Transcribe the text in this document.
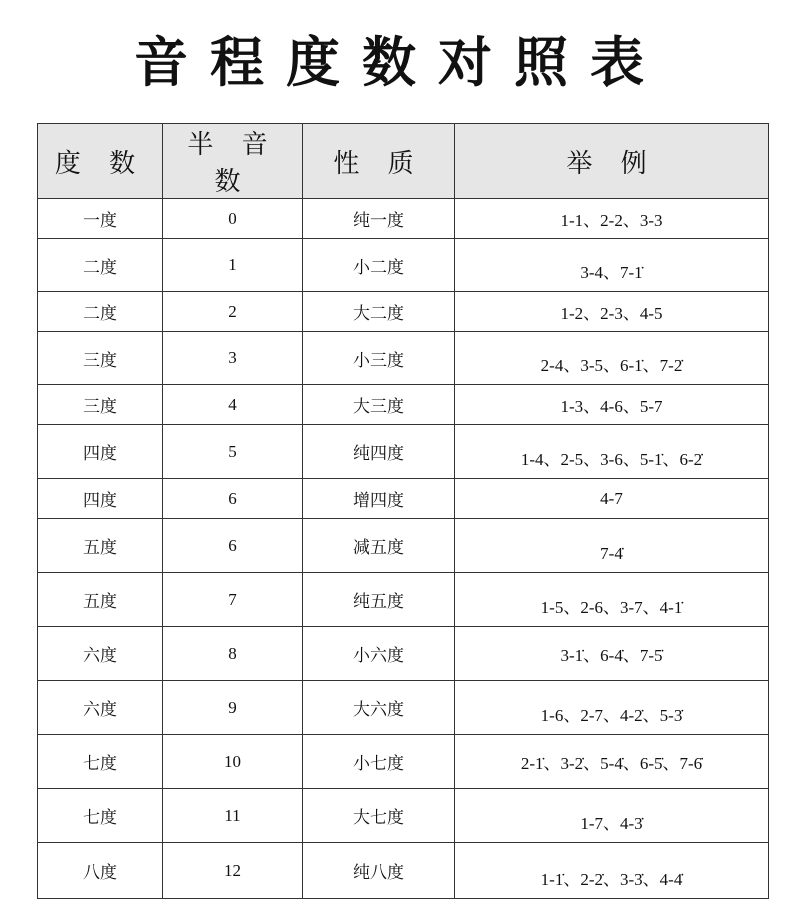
音程度数对照表
度 数	半 音 数	性 质	举 例
一度	0	纯一度	1-1、2-2、3-3
二度	1	小二度	3-4、7-1̇
二度	2	大二度	1-2、2-3、4-5
三度	3	小三度	2-4、3-5、6-1̇、7-2̇
三度	4	大三度	1-3、4-6、5-7
四度	5	纯四度	1-4、2-5、3-6、5-1̇、6-2̇
四度	6	增四度	4-7
五度	6	减五度	7-4̇
五度	7	纯五度	1-5、2-6、3-7、4-1̇
六度	8	小六度	3-1̇、6-4̇、7-5̇
六度	9	大六度	1-6、2-7、4-2̇、5-3̇
七度	10	小七度	2-1̇、3-2̇、5-4̇、6-5̇、7-6̇
七度	11	大七度	1-7、4-3̇
八度	12	纯八度	1-1̇、2-2̇、3-3̇、4-4̇
